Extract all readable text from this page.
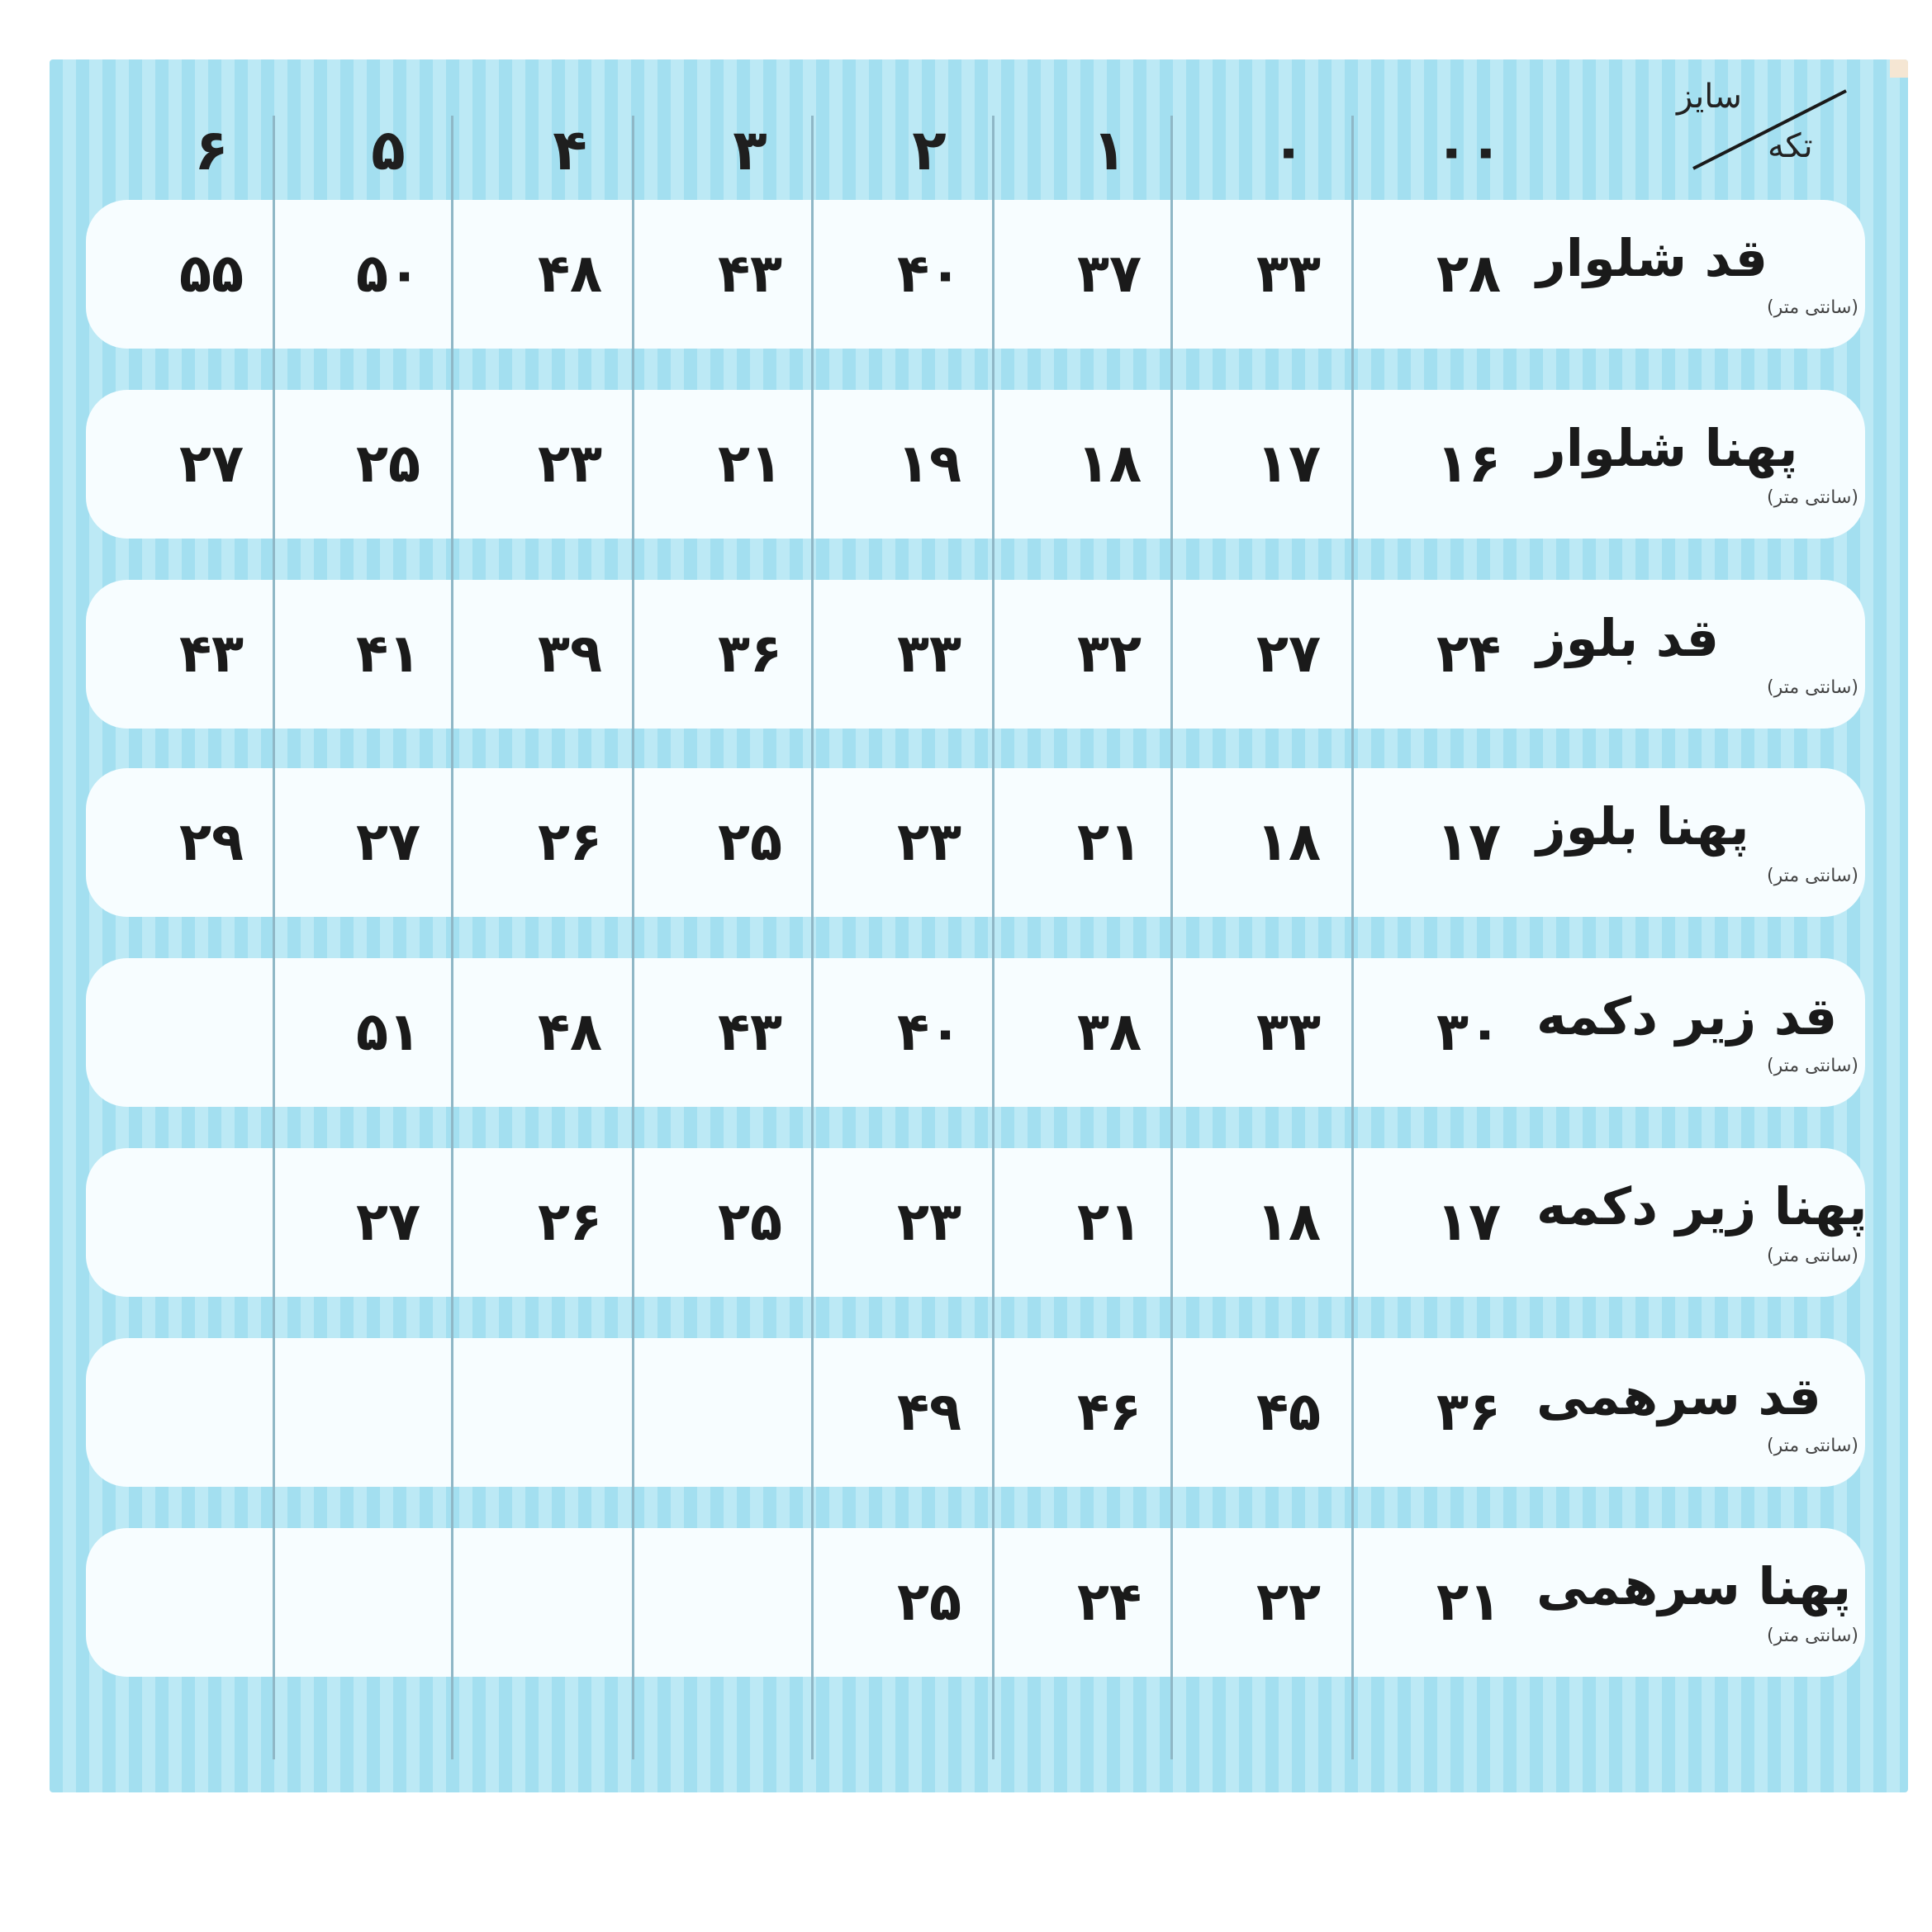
سایز
تکه
۰۰
۰
۱
۲
۳
۴
۵
۶
قد شلوار
(سانتی متر)
۲۸
۳۳
۳۷
۴۰
۴۳
۴۸
۵۰
۵۵
پهنا شلوار
(سانتی متر)
۱۶
۱۷
۱۸
۱۹
۲۱
۲۳
۲۵
۲۷
قد بلوز
(سانتی متر)
۲۴
۲۷
۳۲
۳۳
۳۶
۳۹
۴۱
۴۳
پهنا بلوز
(سانتی متر)
۱۷
۱۸
۲۱
۲۳
۲۵
۲۶
۲۷
۲۹
قد زیر دکمه
(سانتی متر)
۳۰
۳۳
۳۸
۴۰
۴۳
۴۸
۵۱
پهنا زیر دکمه
(سانتی متر)
۱۷
۱۸
۲۱
۲۳
۲۵
۲۶
۲۷
قد سرهمی
(سانتی متر)
۳۶
۴۵
۴۶
۴۹
پهنا سرهمی
(سانتی متر)
۲۱
۲۲
۲۴
۲۵
